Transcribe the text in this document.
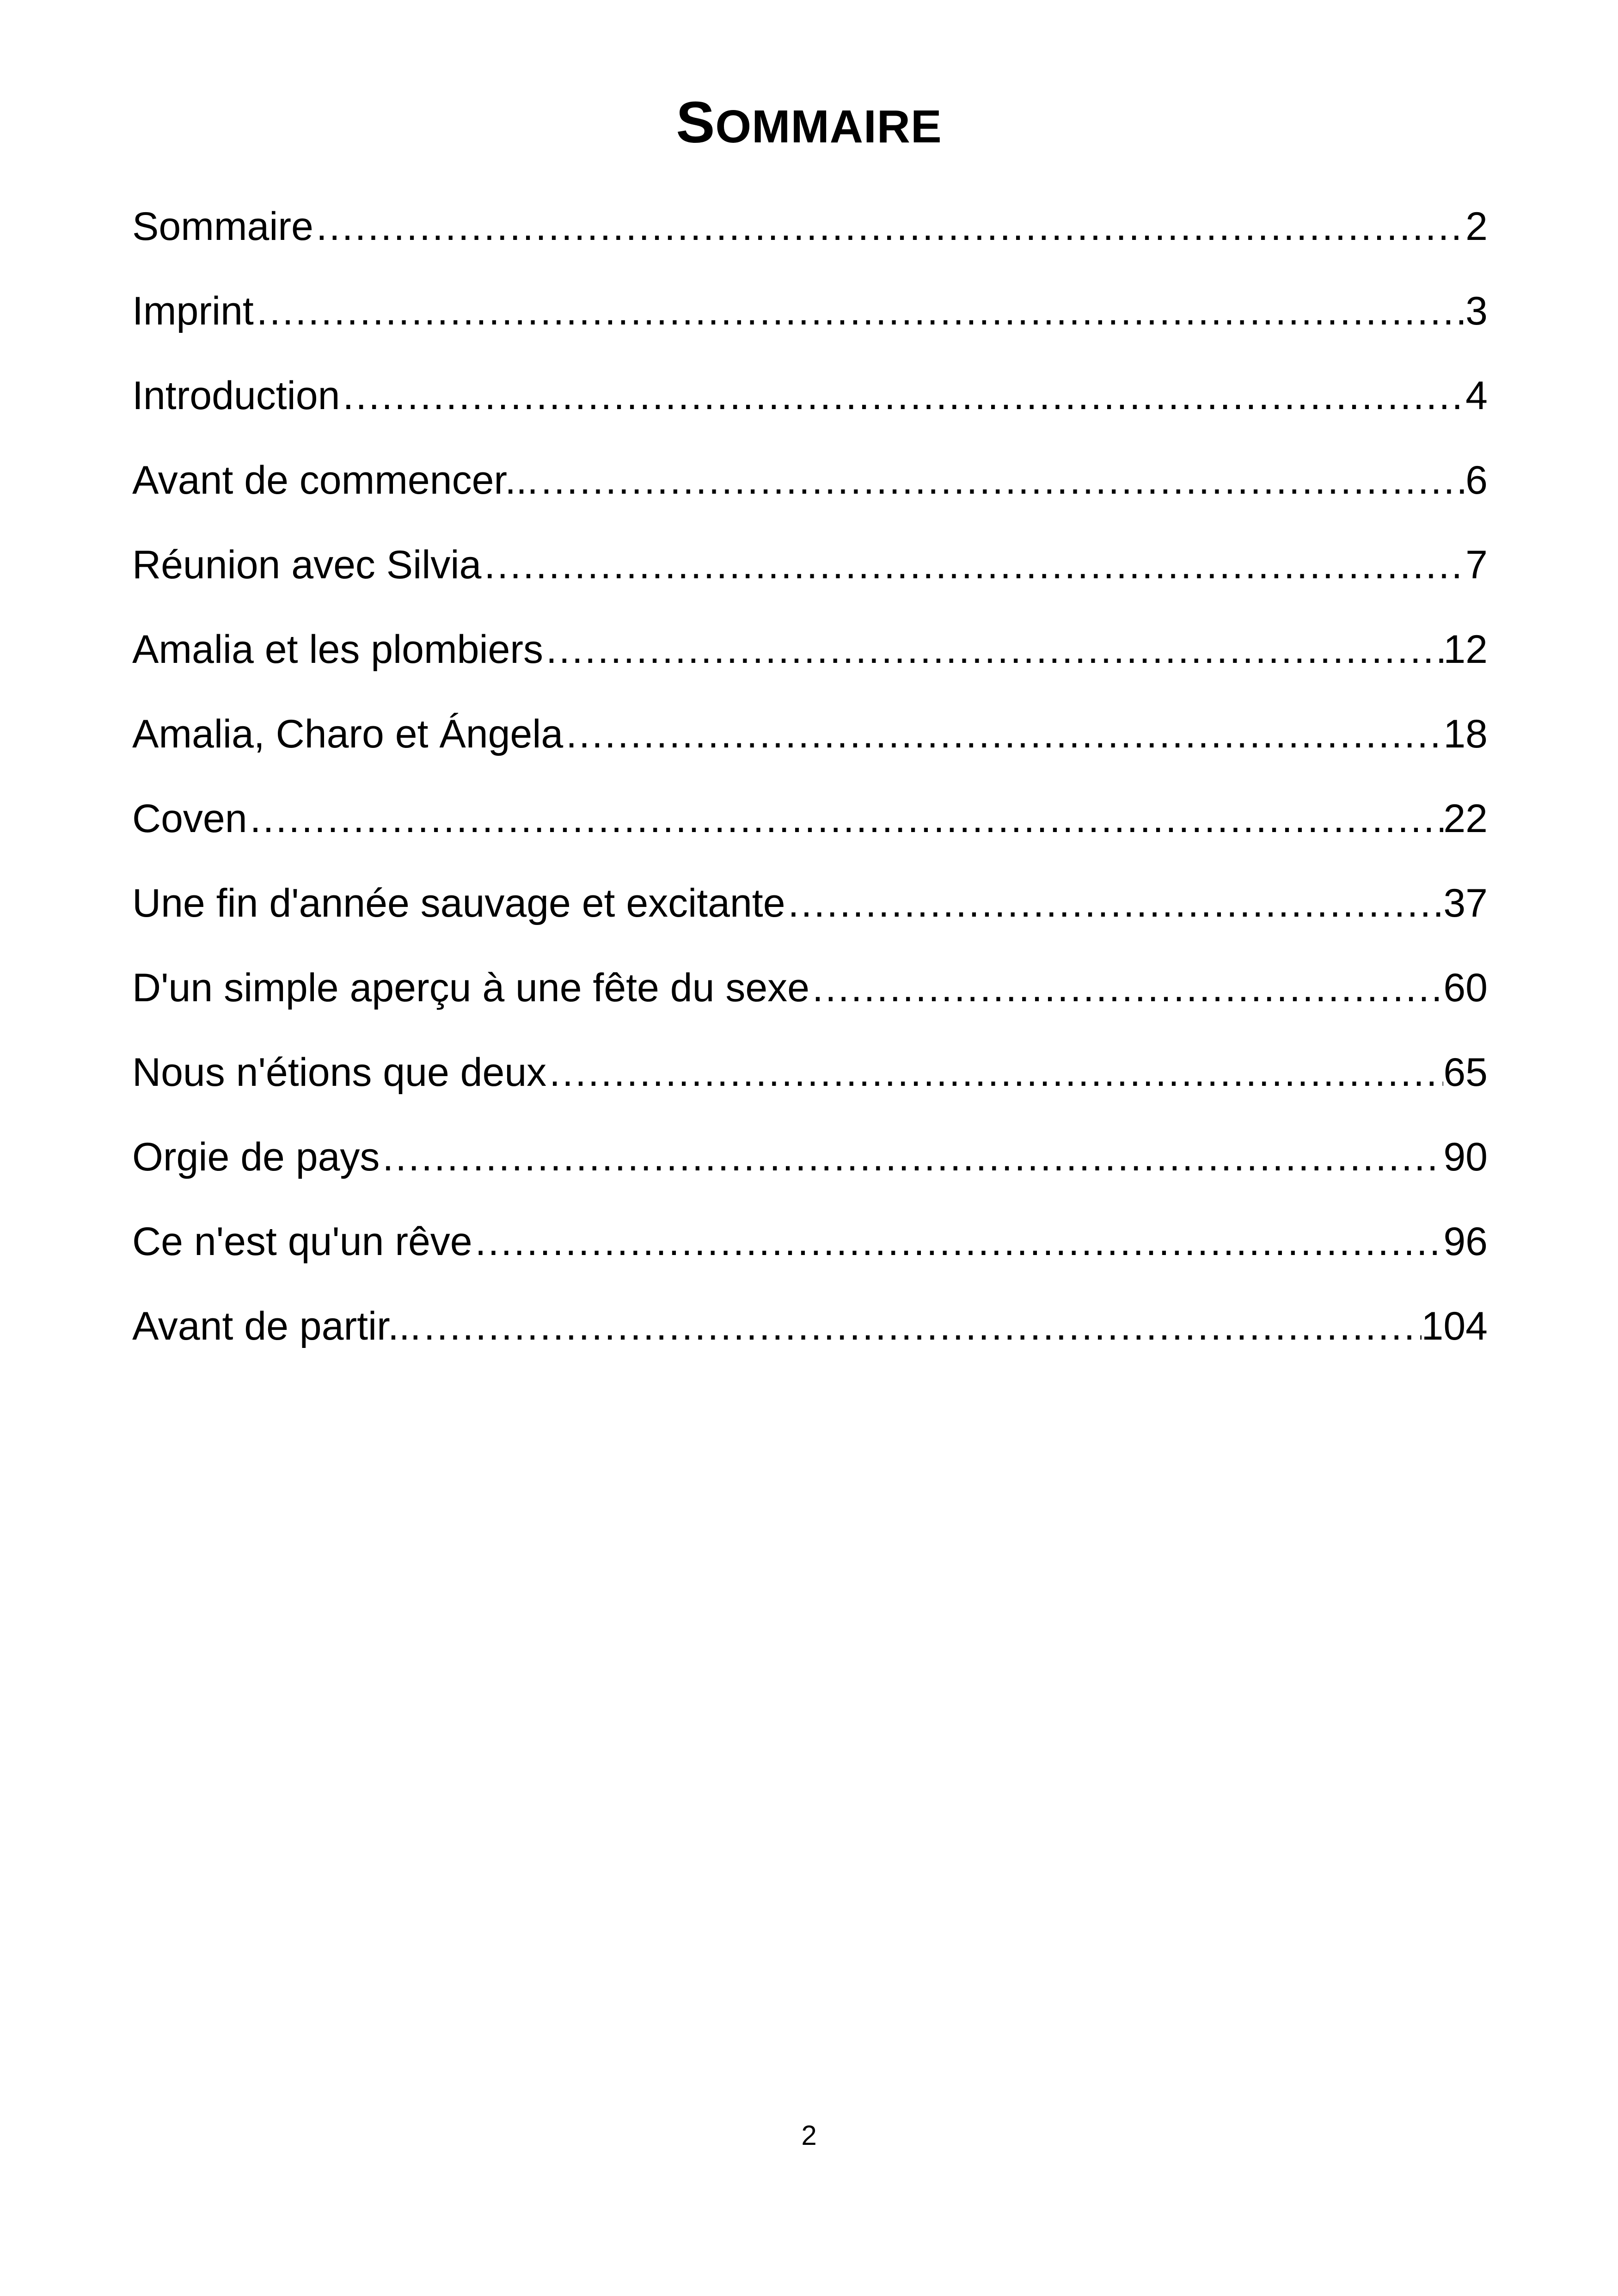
SOMMAIRE
Sommaire .....	2
Imprint .....	3
Introduction .....	4
Avant de commencer... .....	6
Réunion avec Silvia .....	7
Amalia et les plombiers .....	12
Amalia, Charo et Ángela .....	18
Coven .....	22
Une fin d'année sauvage et excitante .....	37
D'un simple aperçu à une fête du sexe .....	60
Nous n'étions que deux .....	65
Orgie de pays .....	90
Ce n'est qu'un rêve .....	96
Avant de partir... .....	104
2
